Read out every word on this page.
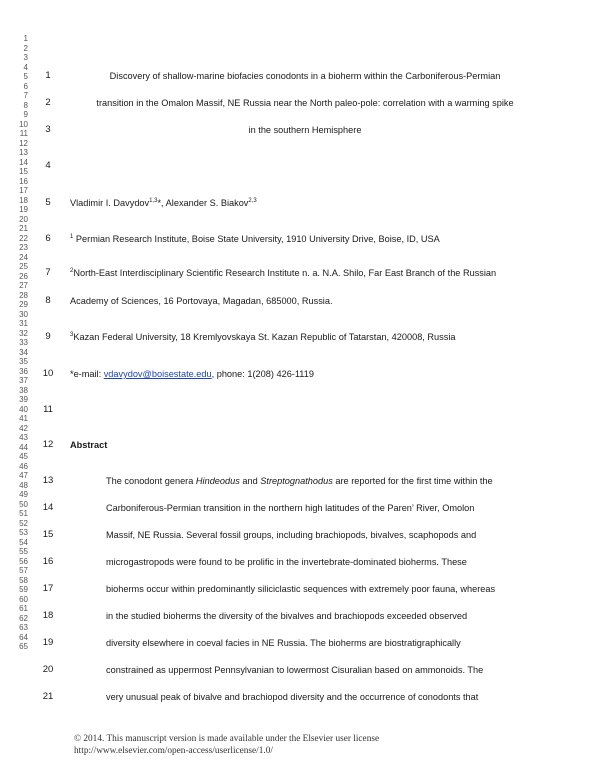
1
2
3
4
5
6
7
8
9
10
11
12
13
14
15
16
17
18
19
20
21
22
23
24
25
26
27
28
29
30
31
32
33
34
35
36
37
38
39
40
41
42
43
44
45
46
47
48
49
50
51
52
53
54
55
56
57
58
59
60
61
62
63
64
65
1
2
3
4
5
6
7
8
9
10
11
12
13
14
15
16
17
18
19
20
21
Discovery of shallow-marine biofacies conodonts in a bioherm within the Carboniferous-Permian
transition in the Omalon Massif, NE Russia near the North paleo-pole: correlation with a warming spike
in the southern Hemisphere
Vladimir I. Davydov$^{1,3}$*, Alexander S. Biakov$^{2,3}$
$^1$ Permian Research Institute, Boise State University, 1910 University Drive, Boise, ID, USA
$^2$North-East Interdisciplinary Scientific Research Institute n. a. N.A. Shilo, Far East Branch of the Russian
Academy of Sciences, 16 Portovaya, Magadan, 685000, Russia.
$^3$Kazan Federal University, 18 Kremlyovskaya St. Kazan Republic of Tatarstan, 420008, Russia
*e-mail: vdavydov@boisestate.edu, phone: 1(208) 426-1119
Abstract
The conodont genera Hindeodus and Streptognathodus are reported for the first time within the
Carboniferous-Permian transition in the northern high latitudes of the Paren’ River, Omolon
Massif, NE Russia. Several fossil groups, including brachiopods, bivalves, scaphopods and
microgastropods were found to be prolific in the invertebrate-dominated bioherms. These
bioherms occur within predominantly siliciclastic sequences with extremely poor fauna, whereas
in the studied bioherms the diversity of the bivalves and brachiopods exceeded observed
diversity elsewhere in coeval facies in NE Russia. The bioherms are biostratigraphically
constrained as uppermost Pennsylvanian to lowermost Cisuralian based on ammonoids. The
very unusual peak of bivalve and brachiopod diversity and the occurrence of conodonts that
© 2014. This manuscript version is made available under the Elsevier user license
http://www.elsevier.com/open-access/userlicense/1.0/
